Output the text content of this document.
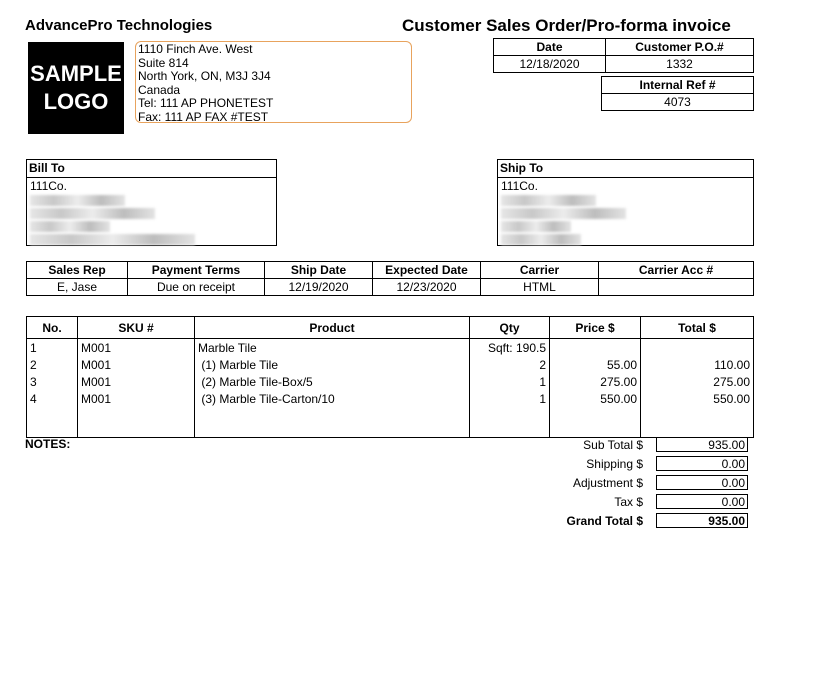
AdvancePro Technologies	Customer Sales Order/Pro-forma invoice
SAMPLE
LOGO
1110 Finch Ave. West
Suite 814
North York, ON, M3J 3J4
Canada
Tel: 111 AP PHONETEST
Fax: 111 AP FAX #TEST
Date	Customer P.O.#
12/18/2020	1332
Internal Ref #
4073
Bill To
111Co.
Ship To
111Co.
Sales Rep	Payment Terms	Ship Date	Expected Date	Carrier	Carrier Acc #
E, Jase	Due on receipt	12/19/2020	12/23/2020	HTML	
No.	SKU #	Product	Qty	Price $	Total $
1	M001	Marble Tile	Sqft: 190.5		
2	M001	(1) Marble Tile	2	55.00	110.00
3	M001	(2) Marble Tile-Box/5	1	275.00	275.00
4	M001	(3) Marble Tile-Carton/10	1	550.00	550.00

NOTES:	Sub Total $	935.00
Shipping $	0.00
Adjustment $	0.00
Tax $	0.00
Grand Total $	935.00
